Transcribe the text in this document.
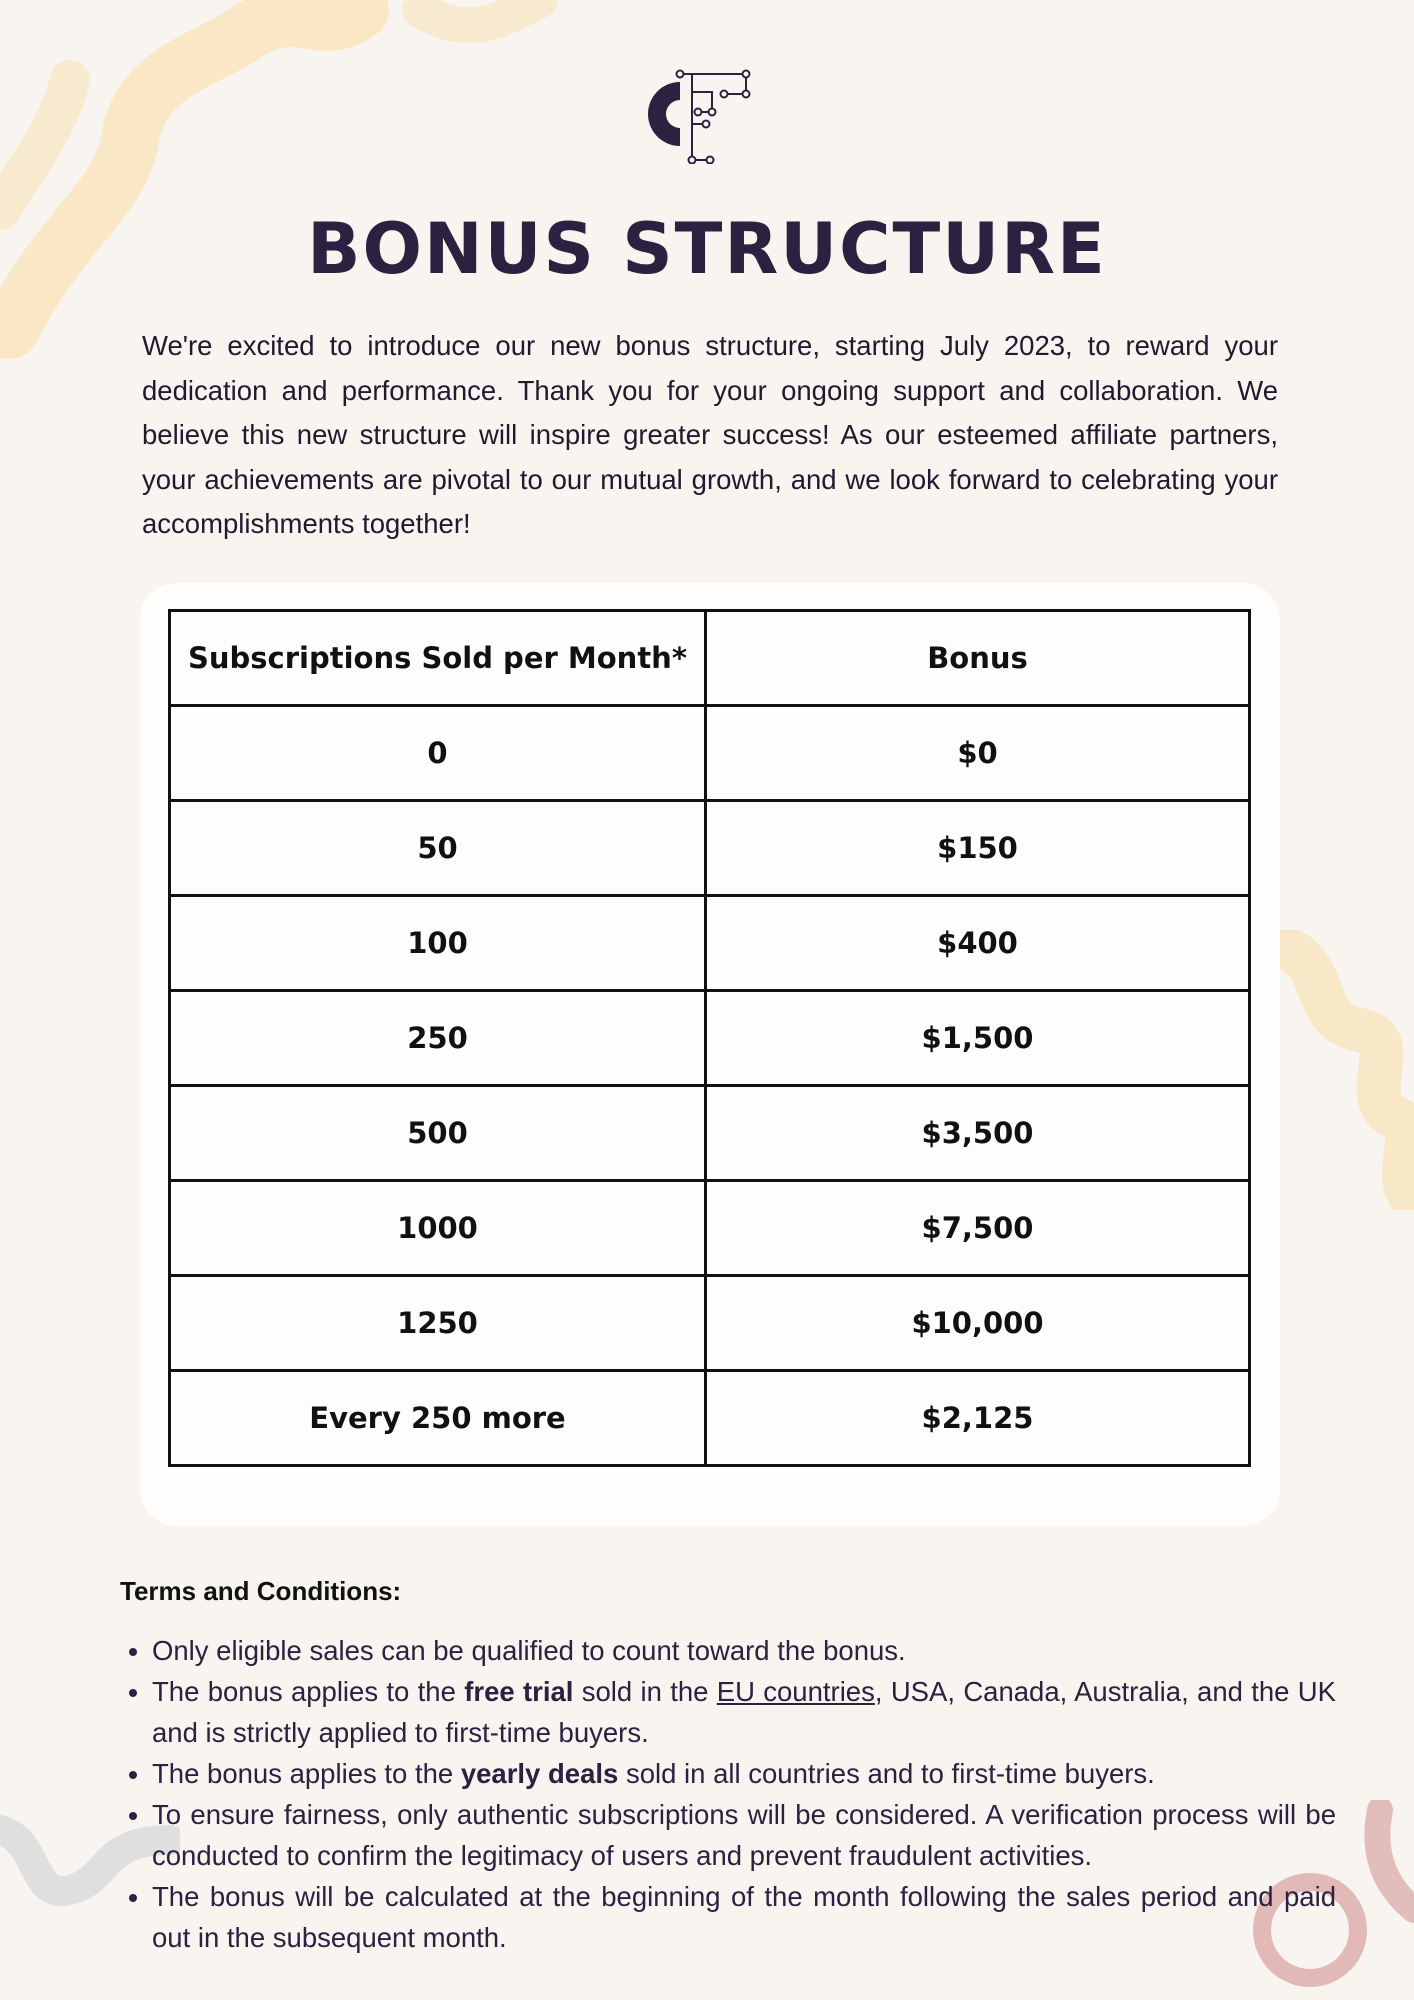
BONUS STRUCTURE

We're excited to introduce our new bonus structure, starting July 2023, to reward your dedication and performance. Thank you for your ongoing support and collaboration. We believe this new structure will inspire greater success! As our esteemed affiliate partners, your achievements are pivotal to our mutual growth, and we look forward to celebrating your accomplishments together!

Subscriptions Sold per Month*	Bonus
0	$0
50	$150
100	$400
250	$1,500
500	$3,500
1000	$7,500
1250	$10,000
Every 250 more	$2,125

Terms and Conditions:

• Only eligible sales can be qualified to count toward the bonus.
• The bonus applies to the free trial sold in the EU countries, USA, Canada, Australia, and the UK and is strictly applied to first-time buyers.
• The bonus applies to the yearly deals sold in all countries and to first-time buyers.
• To ensure fairness, only authentic subscriptions will be considered. A verification process will be conducted to confirm the legitimacy of users and prevent fraudulent activities.
• The bonus will be calculated at the beginning of the month following the sales period and paid out in the subsequent month.
